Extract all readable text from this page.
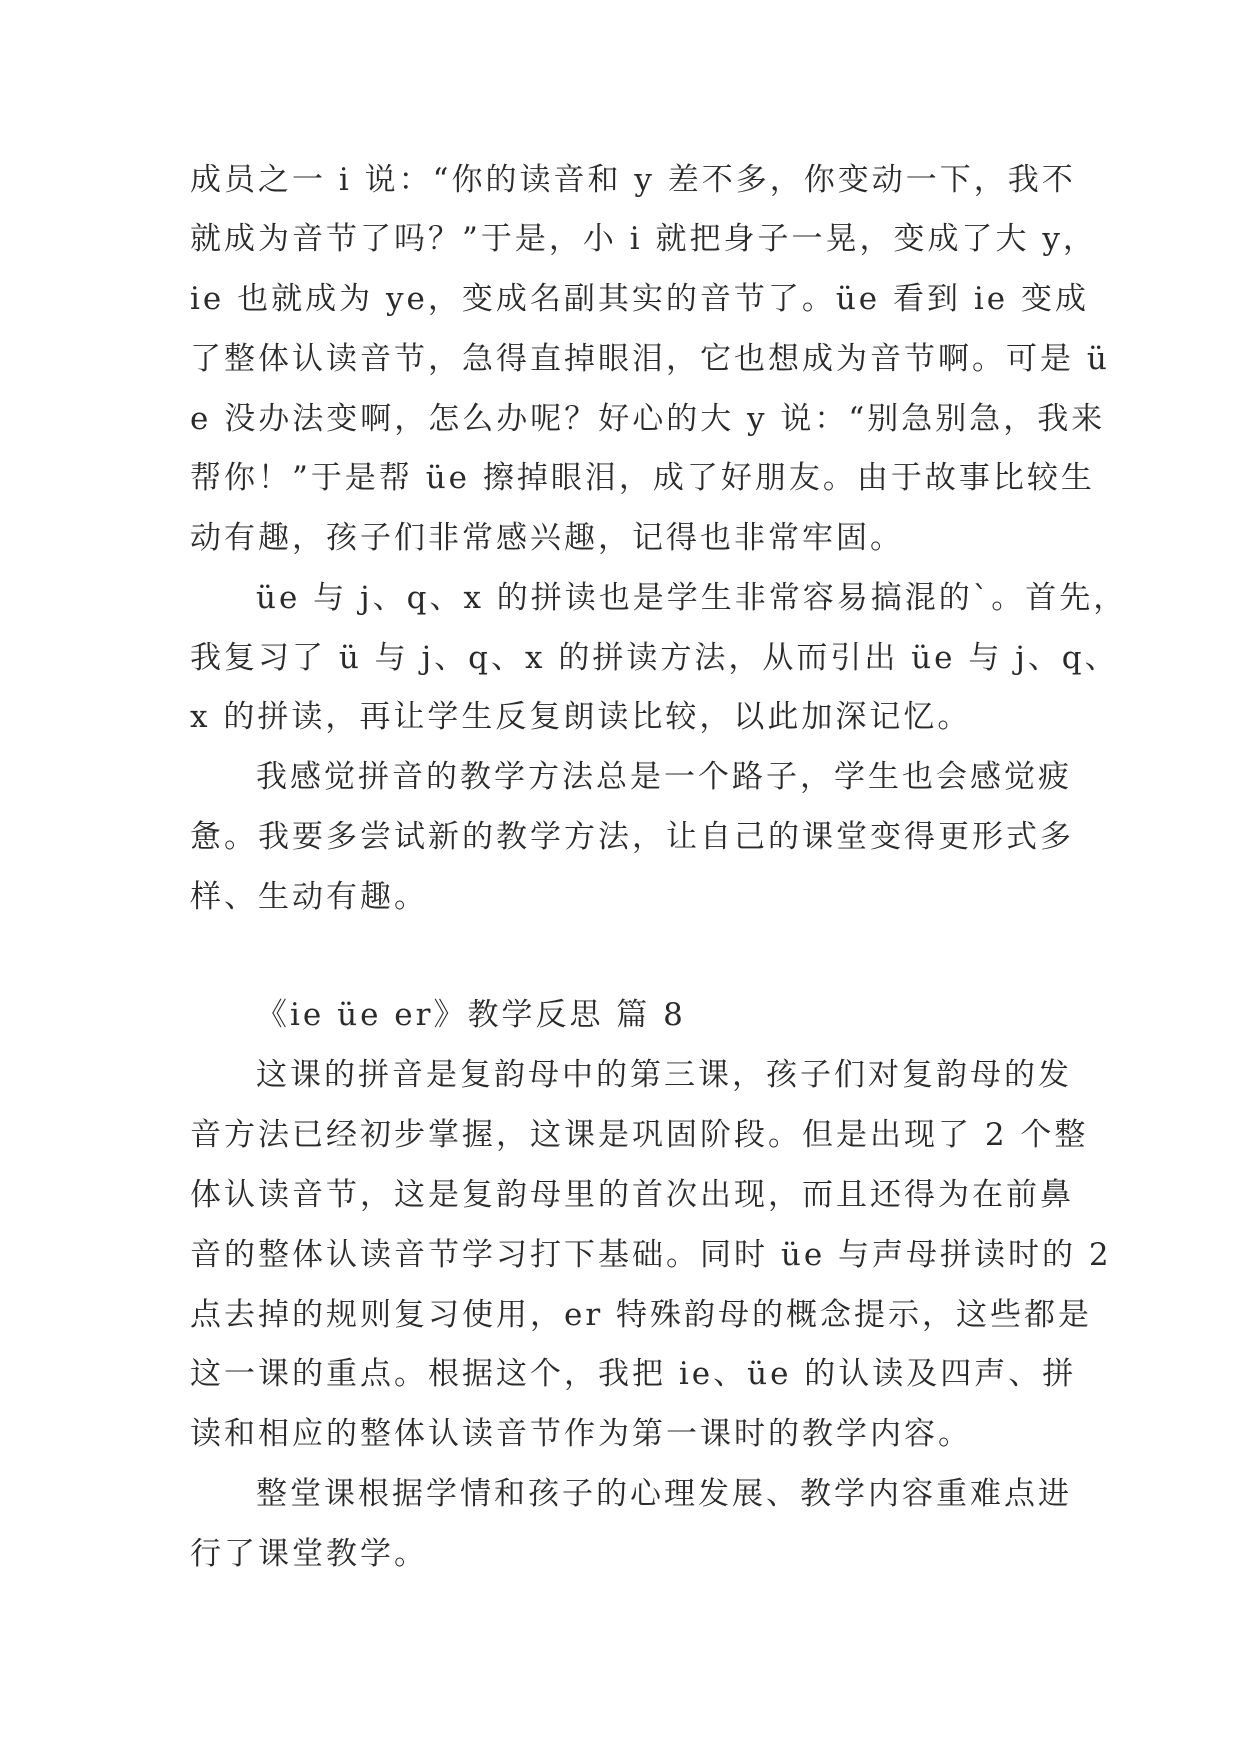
成员之一 i 说：“你的读音和 y 差不多，你变动一下，我不
就成为音节了吗？”于是，小 i 就把身子一晃，变成了大 y，
ie 也就成为 ye，变成名副其实的音节了。üe 看到 ie 变成
了整体认读音节，急得直掉眼泪，它也想成为音节啊。可是 ü
e 没办法变啊，怎么办呢？好心的大 y 说：“别急别急，我来
帮你！”于是帮 üe 擦掉眼泪，成了好朋友。由于故事比较生
动有趣，孩子们非常感兴趣，记得也非常牢固。
üe 与 j、q、x 的拼读也是学生非常容易搞混的`。首先，
我复习了 ü 与 j、q、x 的拼读方法，从而引出 üe 与 j、q、
x 的拼读，再让学生反复朗读比较，以此加深记忆。
我感觉拼音的教学方法总是一个路子，学生也会感觉疲
惫。我要多尝试新的教学方法，让自己的课堂变得更形式多
样、生动有趣。
《ie üe er》教学反思 篇 8
这课的拼音是复韵母中的第三课，孩子们对复韵母的发
音方法已经初步掌握，这课是巩固阶段。但是出现了 2 个整
体认读音节，这是复韵母里的首次出现，而且还得为在前鼻
音的整体认读音节学习打下基础。同时 üe 与声母拼读时的 2
点去掉的规则复习使用，er 特殊韵母的概念提示，这些都是
这一课的重点。根据这个，我把 ie、üe 的认读及四声、拼
读和相应的整体认读音节作为第一课时的教学内容。
整堂课根据学情和孩子的心理发展、教学内容重难点进
行了课堂教学。
